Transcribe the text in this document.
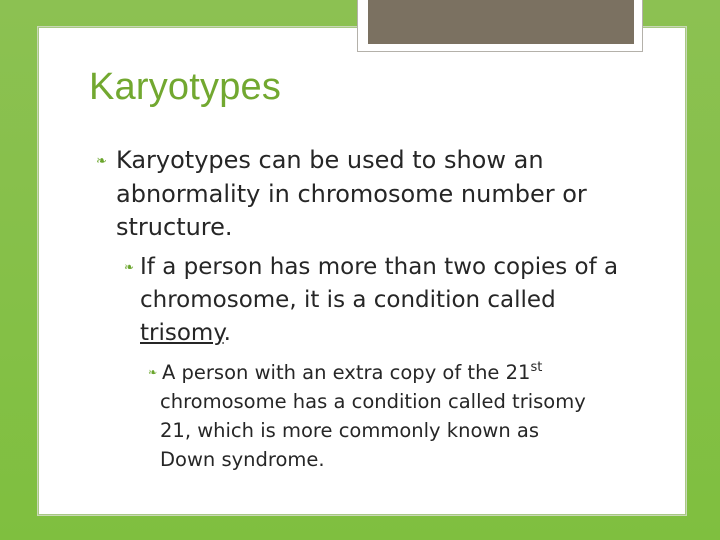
Karyotypes

❧ Karyotypes can be used to show an abnormality in chromosome number or structure.

❧ If a person has more than two copies of a chromosome, it is a condition called trisomy.

❧ A person with an extra copy of the 21st chromosome has a condition called trisomy 21, which is more commonly known as Down syndrome.
